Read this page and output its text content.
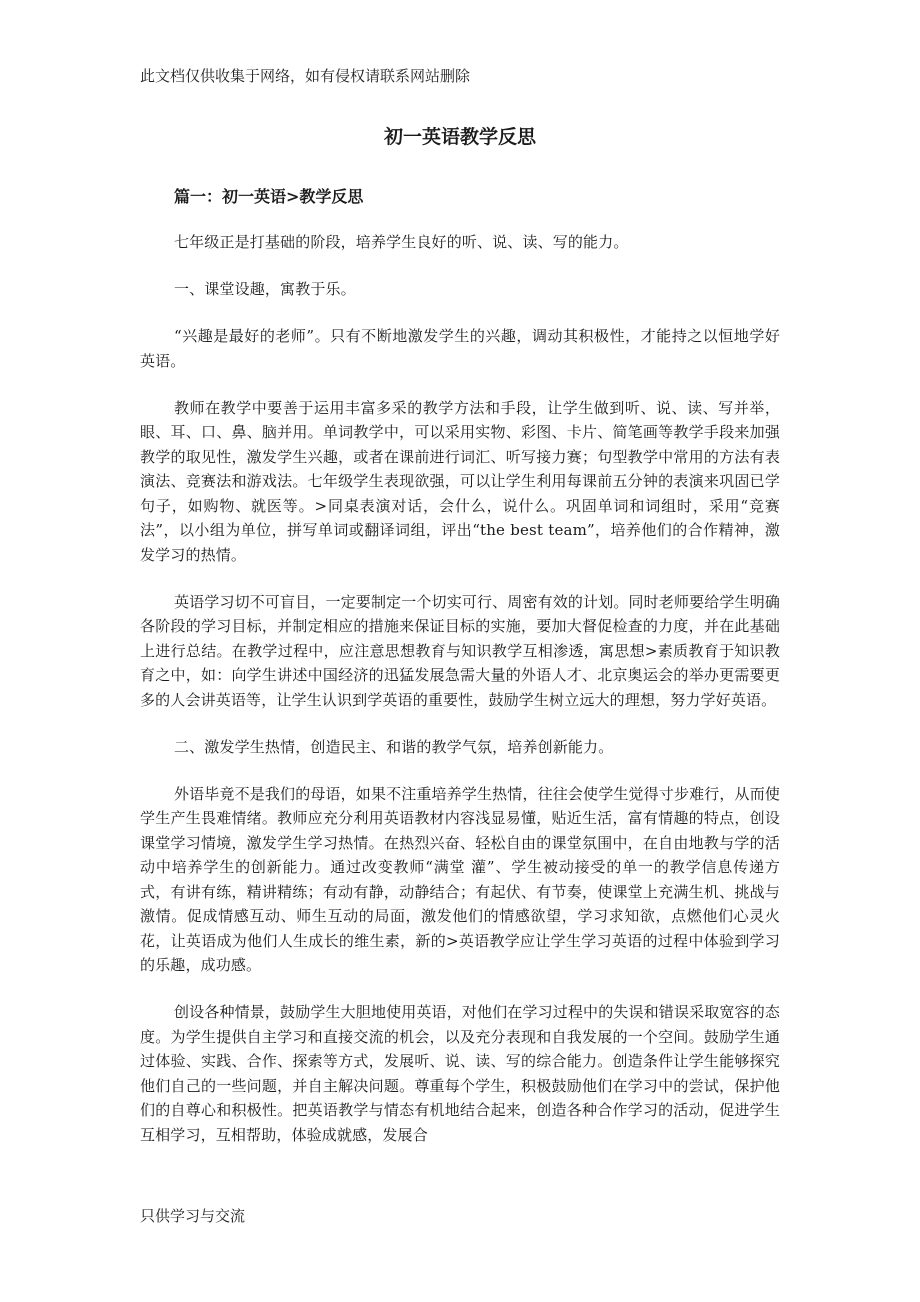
此文档仅供收集于网络，如有侵权请联系网站删除
初一英语教学反思
篇一：初一英语>教学反思

七年级正是打基础的阶段，培养学生良好的听、说、读、写的能力。

一、课堂设趣，寓教于乐。

“兴趣是最好的老师”。只有不断地激发学生的兴趣，调动其积极性，才能持之以恒地学好英语。

教师在教学中要善于运用丰富多采的教学方法和手段，让学生做到听、说、读、写并举，眼、耳、口、鼻、脑并用。单词教学中，可以采用实物、彩图、卡片、简笔画等教学手段来加强教学的取见性，激发学生兴趣，或者在课前进行词汇、听写接力赛；句型教学中常用的方法有表演法、竞赛法和游戏法。七年级学生表现欲强，可以让学生利用每课前五分钟的表演来巩固已学句子，如购物、就医等。>同桌表演对话，会什么，说什么。巩固单词和词组时，采用“竞赛法”，以小组为单位，拼写单词或翻译词组，评出“the best team”，培养他们的合作精神，激发学习的热情。

英语学习切不可盲目，一定要制定一个切实可行、周密有效的计划。同时老师要给学生明确各阶段的学习目标，并制定相应的措施来保证目标的实施，要加大督促检查的力度，并在此基础上进行总结。在教学过程中，应注意思想教育与知识教学互相渗透，寓思想>素质教育于知识教育之中，如：向学生讲述中国经济的迅猛发展急需大量的外语人才、北京奥运会的举办更需要更多的人会讲英语等，让学生认识到学英语的重要性，鼓励学生树立远大的理想，努力学好英语。

二、激发学生热情，创造民主、和谐的教学气氛，培养创新能力。

外语毕竟不是我们的母语，如果不注重培养学生热情，往往会使学生觉得寸步难行，从而使学生产生畏难情绪。教师应充分利用英语教材内容浅显易懂，贴近生活，富有情趣的特点，创设课堂学习情境，激发学生学习热情。在热烈兴奋、轻松自由的课堂氛围中，在自由地教与学的活动中培养学生的创新能力。通过改变教师“满堂 灌”、学生被动接受的单一的教学信息传递方式，有讲有练，精讲精练；有动有静，动静结合；有起伏、有节奏，使课堂上充满生机、挑战与激情。促成情感互动、师生互动的局面，激发他们的情感欲望，学习求知欲，点燃他们心灵火花，让英语成为他们人生成长的维生素，新的>英语教学应让学生学习英语的过程中体验到学习 的乐趣，成功感。

创设各种情景，鼓励学生大胆地使用英语，对他们在学习过程中的失误和错误采取宽容的态度。为学生提供自主学习和直接交流的机会，以及充分表现和自我发展的一个空间。鼓励学生通过体验、实践、合作、探索等方式，发展听、说、读、写的综合能力。创造条件让学生能够探究他们自己的一些问题，并自主解决问题。尊重每个学生，积极鼓励他们在学习中的尝试，保护他们的自尊心和积极性。把英语教学与情态有机地结合起来，创造各种合作学习的活动，促进学生互相学习，互相帮助，体验成就感，发展合

只供学习与交流
